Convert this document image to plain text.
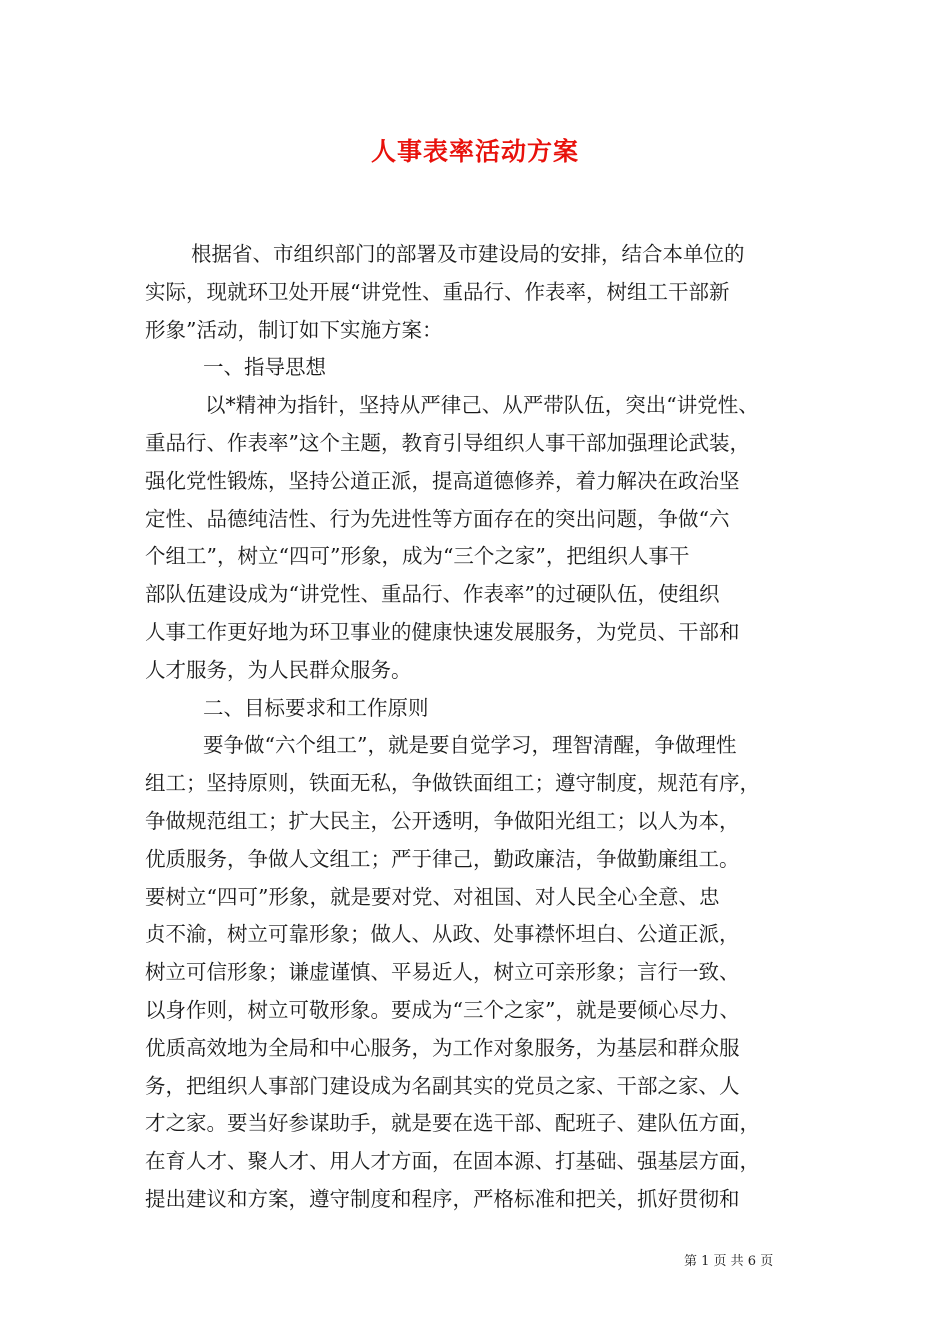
人事表率活动方案
根据省、市组织部门的部署及市建设局的安排，结合本单位的
实际，现就环卫处开展“讲党性、重品行、作表率，树组工干部新
形象”活动，制订如下实施方案：
一、指导思想
以*精神为指针，坚持从严律己、从严带队伍，突出“讲党性、
重品行、作表率”这个主题，教育引导组织人事干部加强理论武装，
强化党性锻炼，坚持公道正派，提高道德修养，着力解决在政治坚
定性、品德纯洁性、行为先进性等方面存在的突出问题，争做“六
个组工”，树立“四可”形象，成为“三个之家”，把组织人事干
部队伍建设成为“讲党性、重品行、作表率”的过硬队伍，使组织
人事工作更好地为环卫事业的健康快速发展服务，为党员、干部和
人才服务，为人民群众服务。
二、目标要求和工作原则
要争做“六个组工”，就是要自觉学习，理智清醒，争做理性
组工；坚持原则，铁面无私，争做铁面组工；遵守制度，规范有序，
争做规范组工；扩大民主，公开透明，争做阳光组工；以人为本，
优质服务，争做人文组工；严于律己，勤政廉洁，争做勤廉组工。
要树立“四可”形象，就是要对党、对祖国、对人民全心全意、忠
贞不渝，树立可靠形象；做人、从政、处事襟怀坦白、公道正派，
树立可信形象；谦虚谨慎、平易近人，树立可亲形象；言行一致、
以身作则，树立可敬形象。要成为“三个之家”，就是要倾心尽力、
优质高效地为全局和中心服务，为工作对象服务，为基层和群众服
务，把组织人事部门建设成为名副其实的党员之家、干部之家、人
才之家。要当好参谋助手，就是要在选干部、配班子、建队伍方面，
在育人才、聚人才、用人才方面，在固本源、打基础、强基层方面，
提出建议和方案，遵守制度和程序，严格标准和把关，抓好贯彻和
第 1 页 共 6 页
